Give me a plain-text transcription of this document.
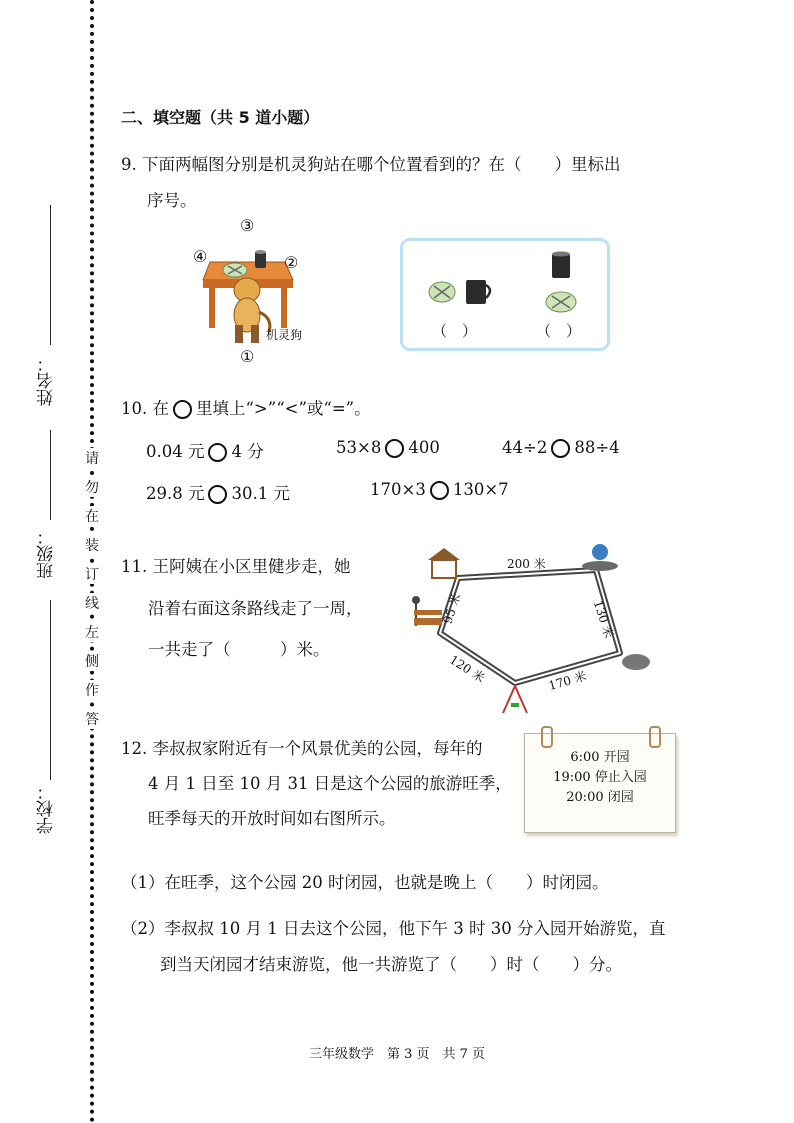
姓名：
班级：
学校：
请
勿
在
装
订
线
左
侧
作
答
二、填空题（共 5 道小题）
9. 下面两幅图分别是机灵狗站在哪个位置看到的？在（　　）里标出
序号。
③
②
④
①
机灵狗	（　）	（　）
10. 在 里填上“>”“<”或“=”。
0.04 元 4 分	53×8 400	44÷2 88÷4
29.8 元 30.1 元	170×3 130×7
11. 王阿姨在小区里健步走，她
沿着右面这条路线走了一周，
一共走了（　　　）米。
200 米
130 米
170 米
120 米
95 米
12. 李叔叔家附近有一个风景优美的公园，每年的
4 月 1 日至 10 月 31 日是这个公园的旅游旺季，
旺季每天的开放时间如右图所示。
6:00 开园
19:00 停止入园
20:00 闭园
（1）在旺季，这个公园 20 时闭园，也就是晚上（　　）时闭园。
（2）李叔叔 10 月 1 日去这个公园，他下午 3 时 30 分入园开始游览，直
到当天闭园才结束游览，他一共游览了（　　）时（　　）分。
三年级数学　第 3 页　共 7 页
